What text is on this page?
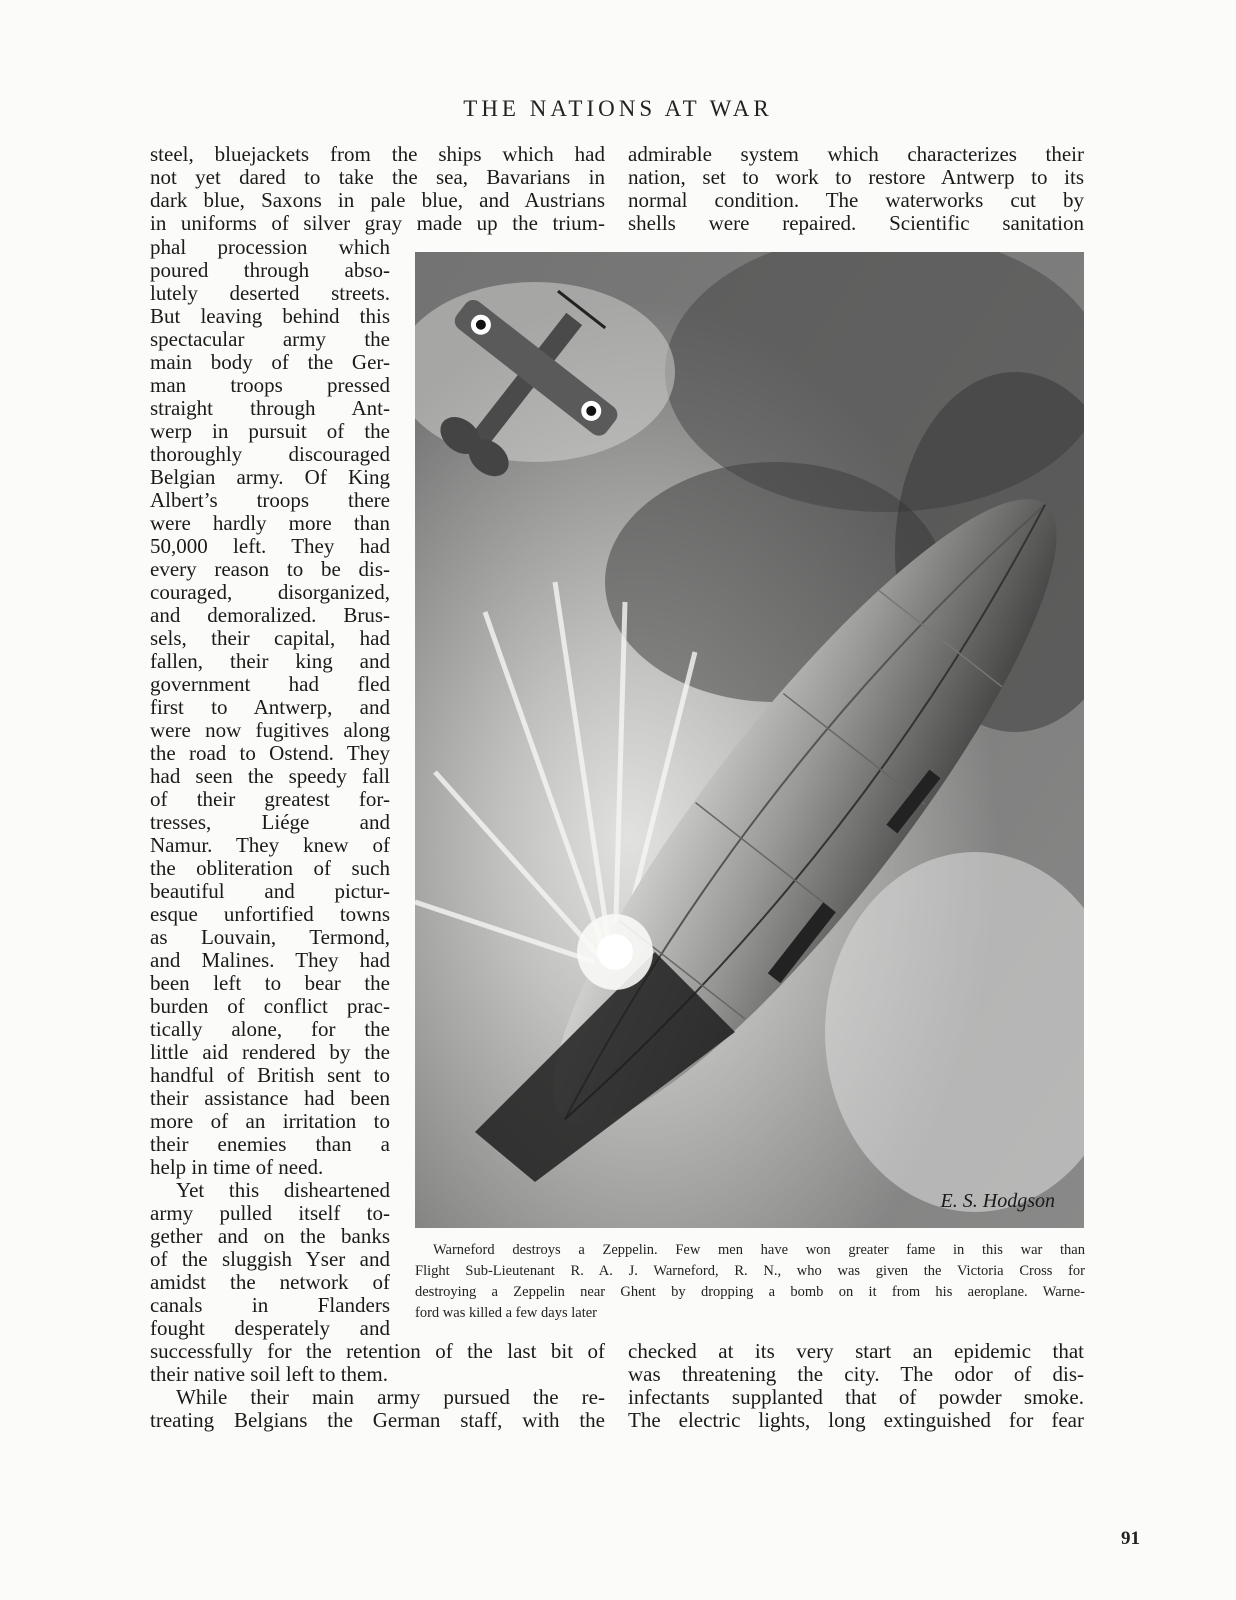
THE NATIONS AT WAR
steel, bluejackets from the ships which had
not yet dared to take the sea, Bavarians in
dark blue, Saxons in pale blue, and Austrians
in uniforms of silver gray made up the trium-
phal procession which
poured through abso-
lutely deserted streets.
But leaving behind this
spectacular army the
main body of the Ger-
man troops pressed
straight through Ant-
werp in pursuit of the
thoroughly discouraged
Belgian army. Of King
Albert’s troops there
were hardly more than
50,000 left. They had
every reason to be dis-
couraged, disorganized,
and demoralized. Brus-
sels, their capital, had
fallen, their king and
government had fled
first to Antwerp, and
were now fugitives along
the road to Ostend. They
had seen the speedy fall
of their greatest for-
tresses, Liége and
Namur. They knew of
the obliteration of such
beautiful and pictur-
esque unfortified towns
as Louvain, Termond,
and Malines. They had
been left to bear the
burden of conflict prac-
tically alone, for the
little aid rendered by the
handful of British sent to
their assistance had been
more of an irritation to
their enemies than a
help in time of need.
Yet this disheartened
army pulled itself to-
gether and on the banks
of the sluggish Yser and
amidst the network of
canals in Flanders
fought desperately and
successfully for the retention of the last bit of
their native soil left to them.
While their main army pursued the re-
treating Belgians the German staff, with the
admirable system which characterizes their
nation, set to work to restore Antwerp to its
normal condition. The waterworks cut by
shells were repaired. Scientific sanitation
E. S. Hodgson
Warneford destroys a Zeppelin. Few men have won greater fame in this war than
Flight Sub-Lieutenant R. A. J. Warneford, R. N., who was given the Victoria Cross for
destroying a Zeppelin near Ghent by dropping a bomb on it from his aeroplane. Warne-
ford was killed a few days later
checked at its very start an epidemic that
was threatening the city. The odor of dis-
infectants supplanted that of powder smoke.
The electric lights, long extinguished for fear
91
